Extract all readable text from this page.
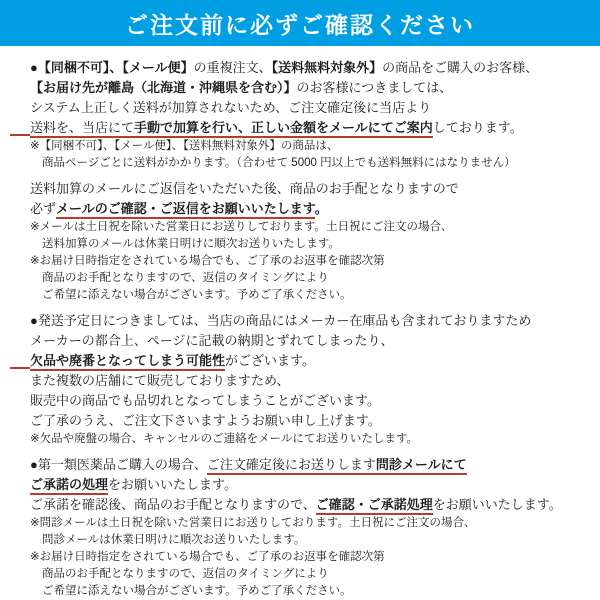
ご注文前に必ずご確認ください
●【同梱不可】、【メール便】の重複注文、【送料無料対象外】の商品をご購入のお客様、
【お届け先が離島（北海道・沖縄県を含む）】のお客様につきましては、
システム上正しく送料が加算されないため、ご注文確定後に当店より
送料を、当店にて手動で加算を行い、正しい金額をメールにてご案内しております。
※【同梱不可】、【メール便】、【送料無料対象外】の商品は、
商品ページごとに送料がかかります。（合わせて 5000 円以上でも送料無料にはなりません）
送料加算のメールにご返信をいただいた後、商品のお手配となりますので
必ずメールのご確認・ご返信をお願いいたします。
※メールは土日祝を除いた営業日にお送りしております。土日祝にご注文の場合、
送料加算のメールは休業日明けに順次お送りいたします。
※お届け日時指定をされている場合でも、ご了承のお返事を確認次第
商品のお手配となりますので、返信のタイミングにより
ご希望に添えない場合がございます。予めご了承ください。
●発送予定日につきましては、当店の商品にはメーカー在庫品も含まれておりますため
メーカーの都合上、ページに記載の納期とずれてしまったり、
欠品や廃番となってしまう可能性がございます。
また複数の店舗にて販売しておりますため、
販売中の商品でも品切れとなってしまうことがございます。
ご了承のうえ、ご注文下さいますようお願い申し上げます。
※欠品や廃盤の場合、キャンセルのご連絡をメールにてお送りいたします。
●第一類医薬品ご購入の場合、ご注文確定後にお送りします問診メールにて
ご承諾の処理をお願いいたします。
ご承諾を確認後、商品のお手配となりますので、ご確認・ご承諾処理をお願いいたします。
※問診メールは土日祝を除いた営業日にお送りしております。土日祝にご注文の場合、
問診メールは休業日明けに順次お送りいたします。
※お届け日時指定をされている場合でも、ご了承のお返事を確認次第
商品のお手配となりますので、返信のタイミングにより
ご希望に添えない場合がございます。予めご了承ください。
